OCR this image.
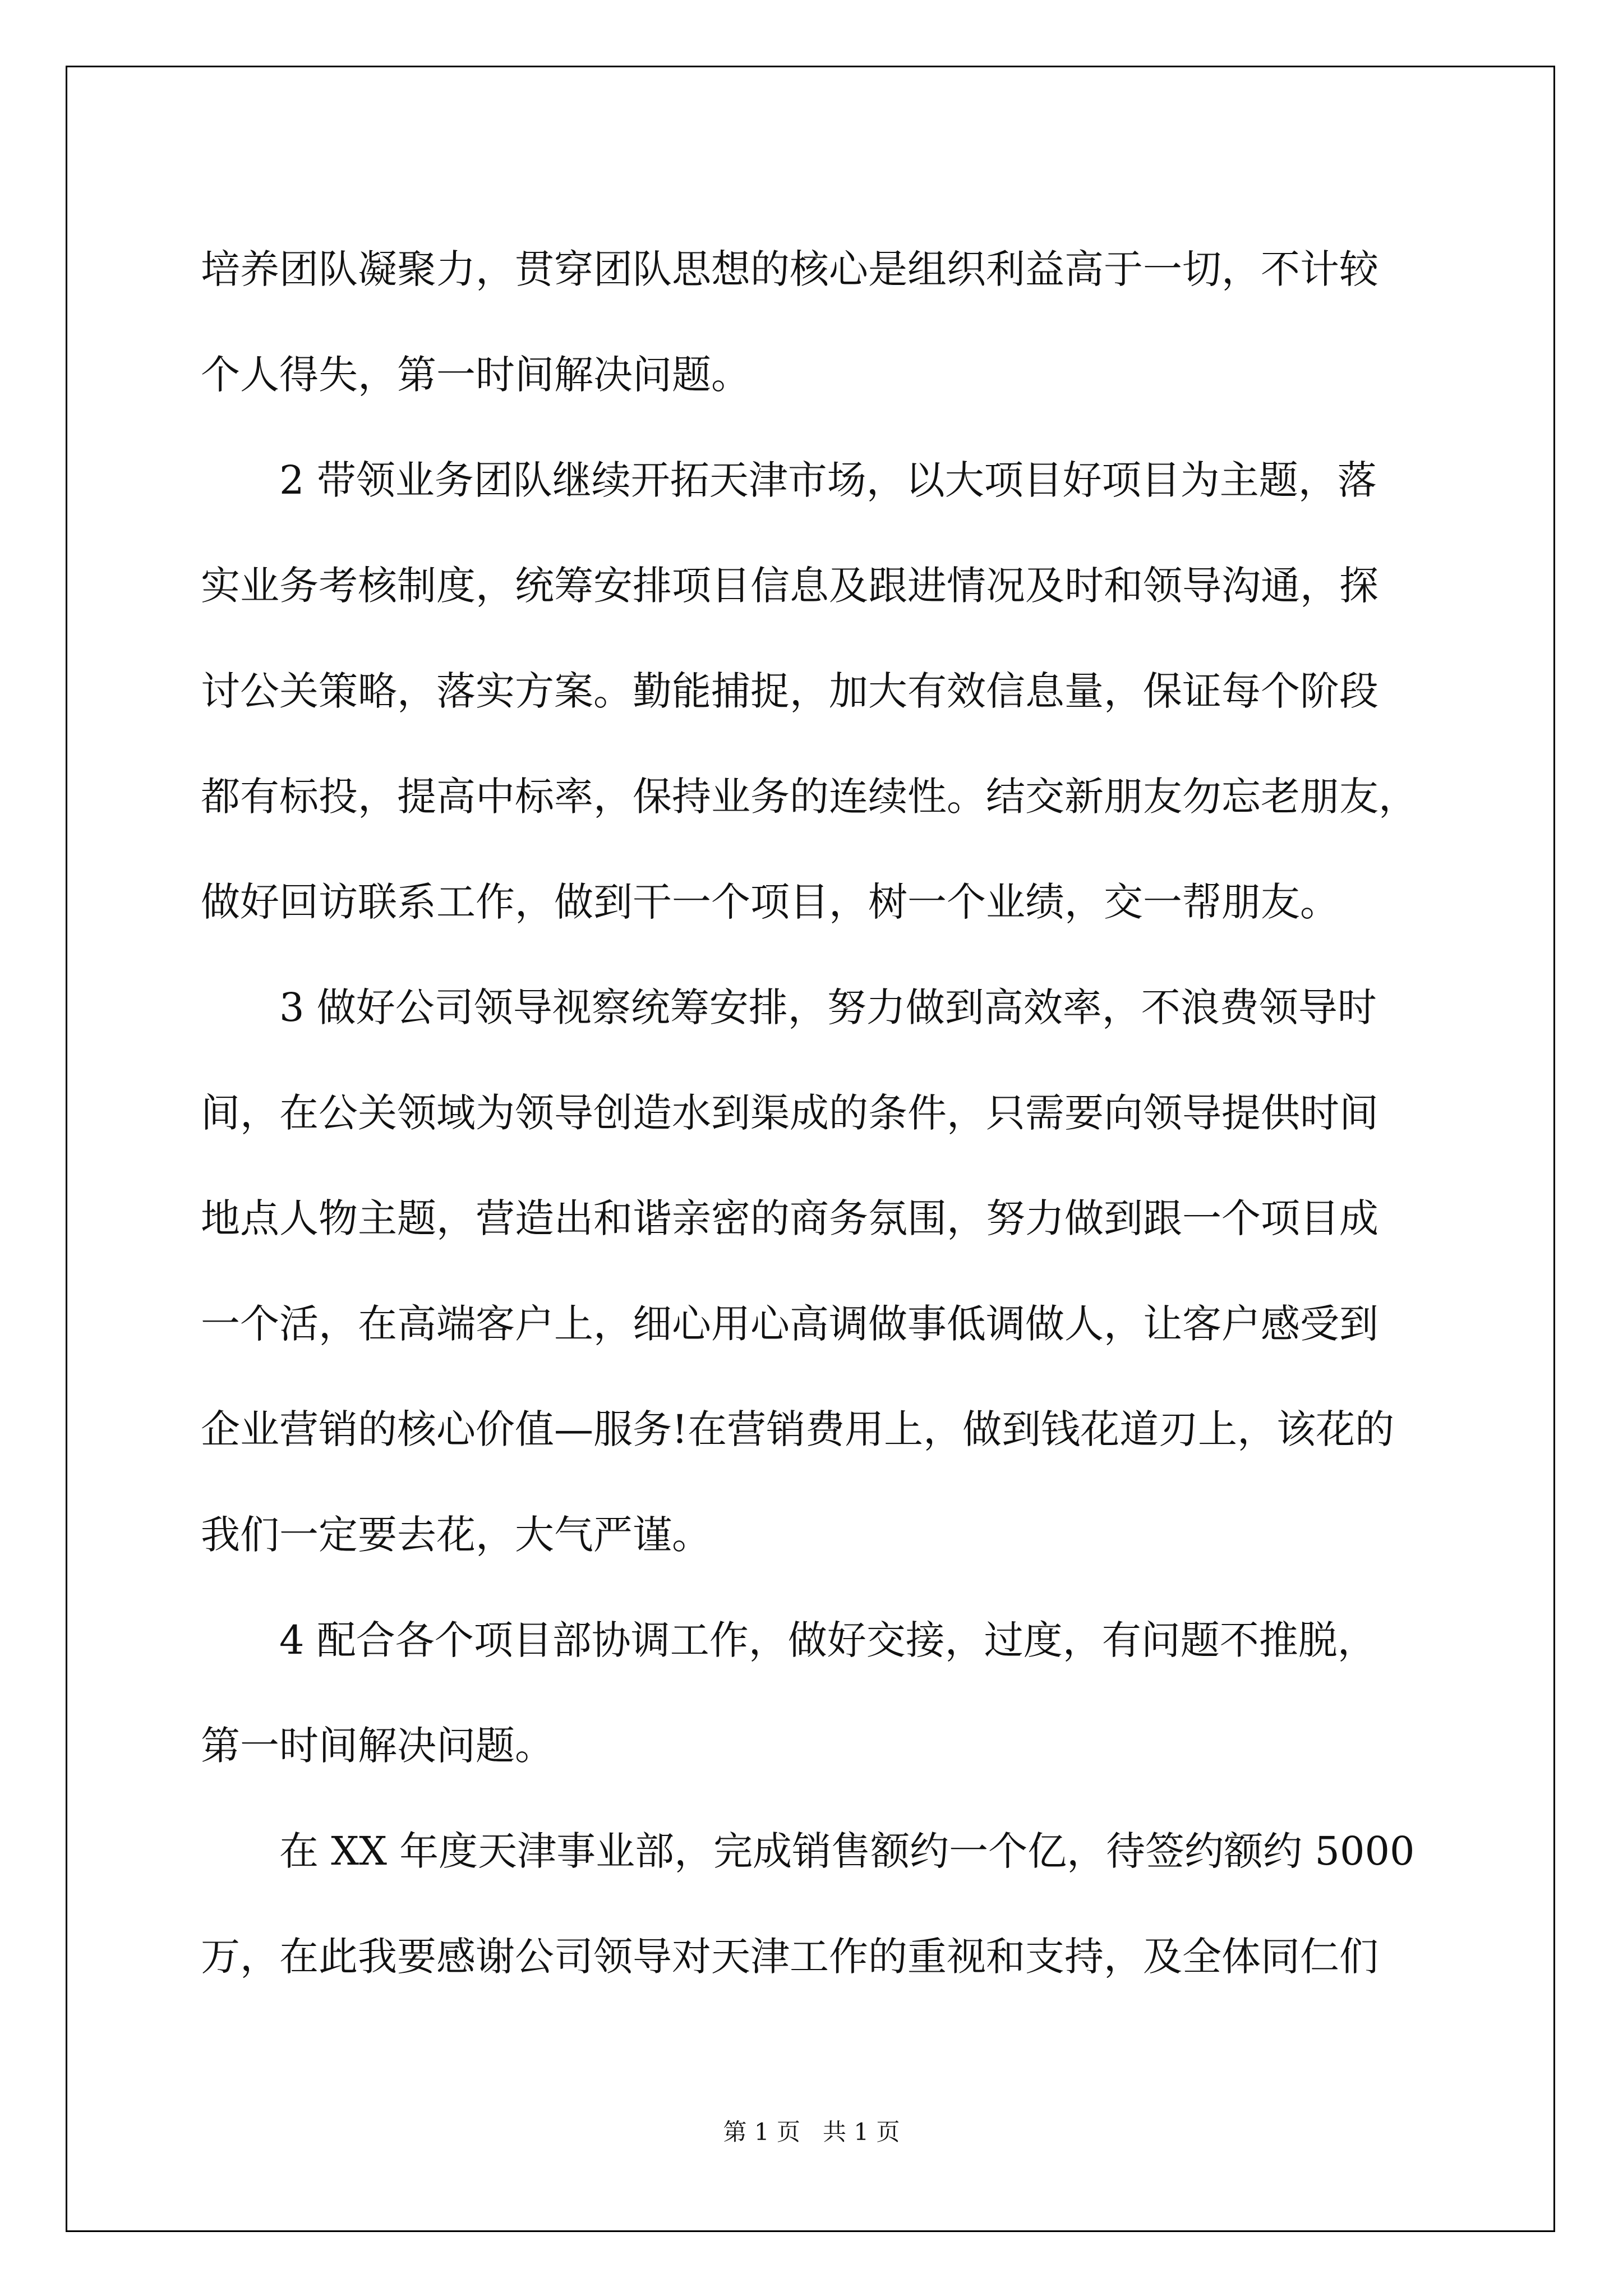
培养团队凝聚力，贯穿团队思想的核心是组织利益高于一切，不计较
个人得失，第一时间解决问题。

2 带领业务团队继续开拓天津市场，以大项目好项目为主题，落
实业务考核制度，统筹安排项目信息及跟进情况及时和领导沟通，探
讨公关策略，落实方案。勤能捕捉，加大有效信息量，保证每个阶段
都有标投，提高中标率，保持业务的连续性。结交新朋友勿忘老朋友，
做好回访联系工作，做到干一个项目，树一个业绩，交一帮朋友。

3 做好公司领导视察统筹安排，努力做到高效率，不浪费领导时
间，在公关领域为领导创造水到渠成的条件，只需要向领导提供时间
地点人物主题，营造出和谐亲密的商务氛围，努力做到跟一个项目成
一个活，在高端客户上，细心用心高调做事低调做人，让客户感受到
企业营销的核心价值—服务!在营销费用上，做到钱花道刃上，该花的
我们一定要去花，大气严谨。

4 配合各个项目部协调工作，做好交接，过度，有问题不推脱，
第一时间解决问题。

在 XX 年度天津事业部，完成销售额约一个亿，待签约额约 5000
万，在此我要感谢公司领导对天津工作的重视和支持，及全体同仁们

第 1 页   共 1 页
